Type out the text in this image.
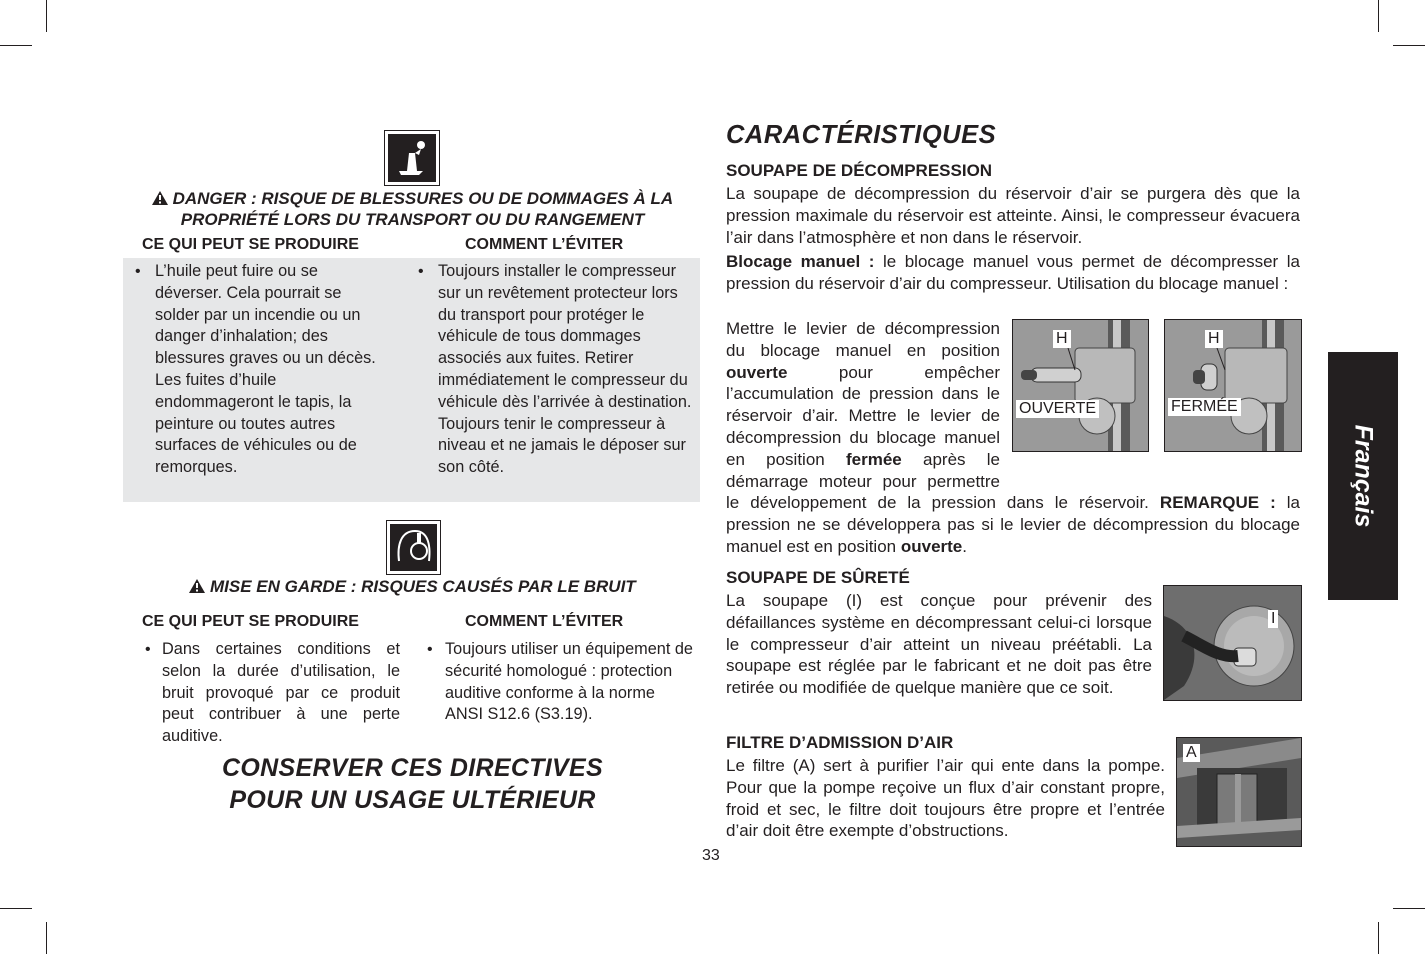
DANGER : RISQUE DE BLESSURES OU DE DOMMAGES À LA
PROPRIÉTÉ LORS DU TRANSPORT OU DU RANGEMENT
CE QUI PEUT SE PRODUIRE	COMMENT L’ÉVITER
• L’huile peut fuire ou se déverser. Cela pourrait se solder par un incendie ou un danger d’inhalation; des blessures graves ou un décès. Les fuites d’huile endommageront le tapis, la peinture ou toutes autres surfaces de véhicules ou de remorques.
• Toujours installer le compresseur sur un revêtement protecteur lors du transport pour protéger le véhicule de tous dommages associés aux fuites. Retirer immédiatement le compresseur du véhicule dès l’arrivée à destination. Toujours tenir le compresseur à niveau et ne jamais le déposer sur son côté.
MISE EN GARDE : RISQUES CAUSÉS PAR LE BRUIT
CE QUI PEUT SE PRODUIRE	COMMENT L’ÉVITER
• Dans certaines conditions et selon la durée d’utilisation, le bruit provoqué par ce produit peut contribuer à une perte auditive.
• Toujours utiliser un équipement de sécurité homologué : protection auditive conforme à la norme ANSI S12.6 (S3.19).
CONSERVER CES DIRECTIVES
POUR UN USAGE ULTÉRIEUR
CARACTÉRISTIQUES
SOUPAPE DE DÉCOMPRESSION
La soupape de décompression du réservoir d’air se purgera dès que la pression maximale du réservoir est atteinte. Ainsi, le compresseur évacuera l’air dans l’atmosphère et non dans le réservoir.
Blocage manuel : le blocage manuel vous permet de décompresser la pression du réservoir d’air du compresseur. Utilisation du blocage manuel :
H
OUVERTE
H
FERMÉE
Mettre le levier de décompression du blocage manuel en position ouverte pour empêcher l’accumulation de pression dans le réservoir d’air. Mettre le levier de décompression du blocage manuel en position fermée après le démarrage moteur pour permettre le développement de la pression dans le réservoir. REMARQUE : la pression ne se développera pas si le levier de décompression du blocage manuel est en position ouverte.
SOUPAPE DE SÛRETÉ
I
La soupape (I) est conçue pour prévenir des défaillances système en décompressant celui-ci lorsque le compresseur d’air atteint un niveau préétabli. La soupape est réglée par le fabricant et ne doit pas être retirée ou modifiée de quelque manière que ce soit.
FILTRE D’ADMISSION D’AIR
A
Le filtre (A) sert à purifier l’air qui ente dans la pompe. Pour que la pompe reçoive un flux d’air constant propre, froid et sec, le filtre doit toujours être propre et l’entrée d’air doit être exempte d’obstructions.
33
Français
